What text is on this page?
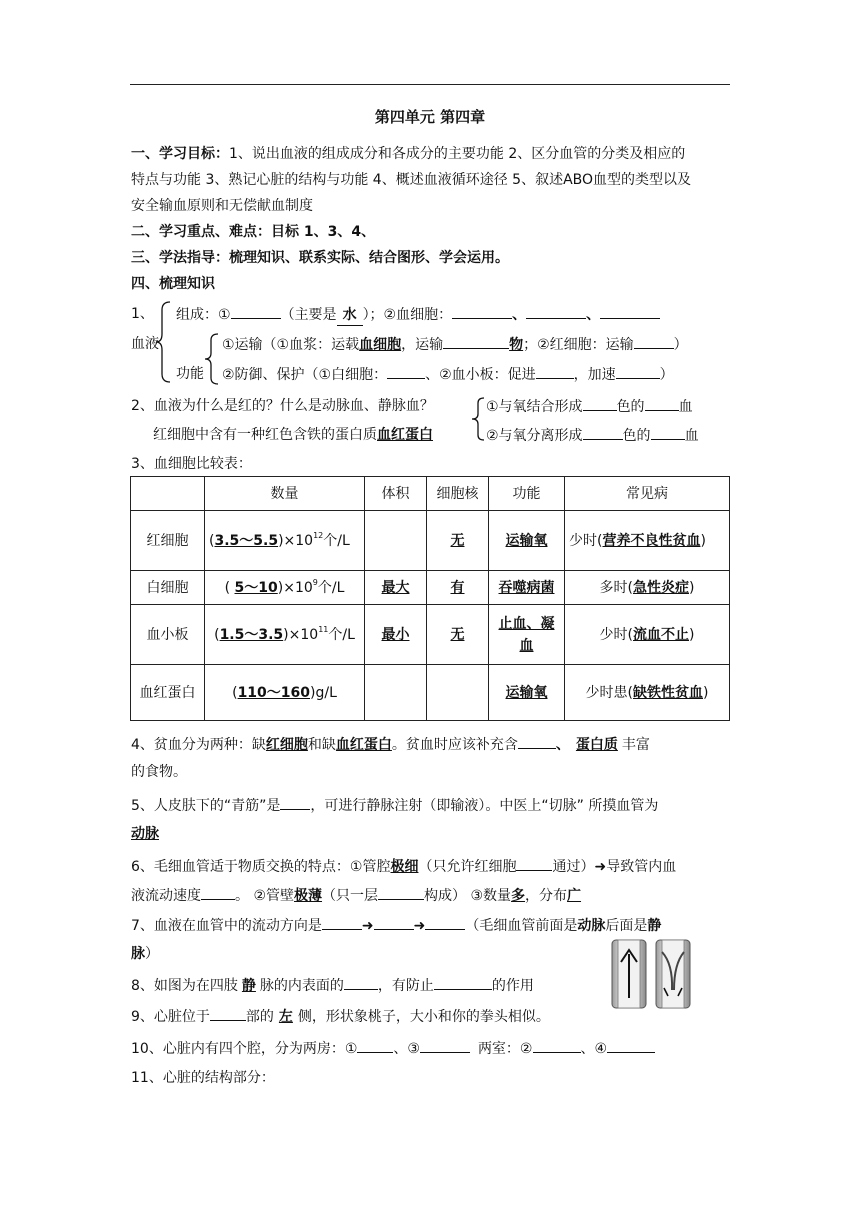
第四单元 第四章
一、学习目标：1、说出血液的组成成分和各成分的主要功能 2、区分血管的分类及相应的
特点与功能 3、熟记心脏的结构与功能 4、概述血液循环途径 5、叙述ABO血型的类型以及
安全输血原则和无偿献血制度
二、学习重点、难点：目标 1、3、4、
三、学法指导：梳理知识、联系实际、结合图形、学会运用。
四、梳理知识
1、
血液
组成：①	（主要是 水 ）；②血细胞：	、	、
功能
①运输（①血浆：运载血细胞，运输	物；②红细胞：运输	）
②防御、保护（①白细胞：	、②血小板：促进	，加速	）
2、血液为什么是红的？什么是动脉血、静脉血？
红细胞中含有一种红色含铁的蛋白质血红蛋白
①与氧结合形成 色的 血
②与氧分离形成	色的 血
3、血细胞比较表：
	数量	体积	细胞核	功能	常见病
红细胞	$(3.5\sim 5.5)\times 10^{12}$个/L		无	运输氧	少时(营养不良性贫血)
白细胞	( $5\sim 10)\times 10^9$个/L	最大	有	吞噬病菌	多时(急性炎症)
血小板	$(1.5\sim 3.5)\times 10^{11}$个/L	最小	无	止血、凝血	少时(流血不止)
血红蛋白	(110～160)g/L			运输氧	少时患(缺铁性贫血)
4、贫血分为两种：缺红细胞和缺血红蛋白。贫血时应该补充含	、 蛋白质 丰富
的食物。
5、人皮肤下的“青筋”是 ，可进行静脉注射（即输液）。中医上“切脉” 所摸血管为
动脉
6、毛细血管适于物质交换的特点：①管腔极细（只允许红细胞	通过）➜导致管内血
液流动速度 。 ②管壁极薄（只一层	构成） ③数量多，分布广
7、血液在血管中的流动方向是	➜	➜	（毛细血管前面是动脉后面是静
脉）
8、如图为在四肢 静 脉的内表面的 ，有防止	的作用
9、心脏位于	部的 左 侧，形状象桃子，大小和你的拳头相似。
10、心脏内有四个腔，分为两房：①	、③	两室：②	、④
11、心脏的结构部分：
